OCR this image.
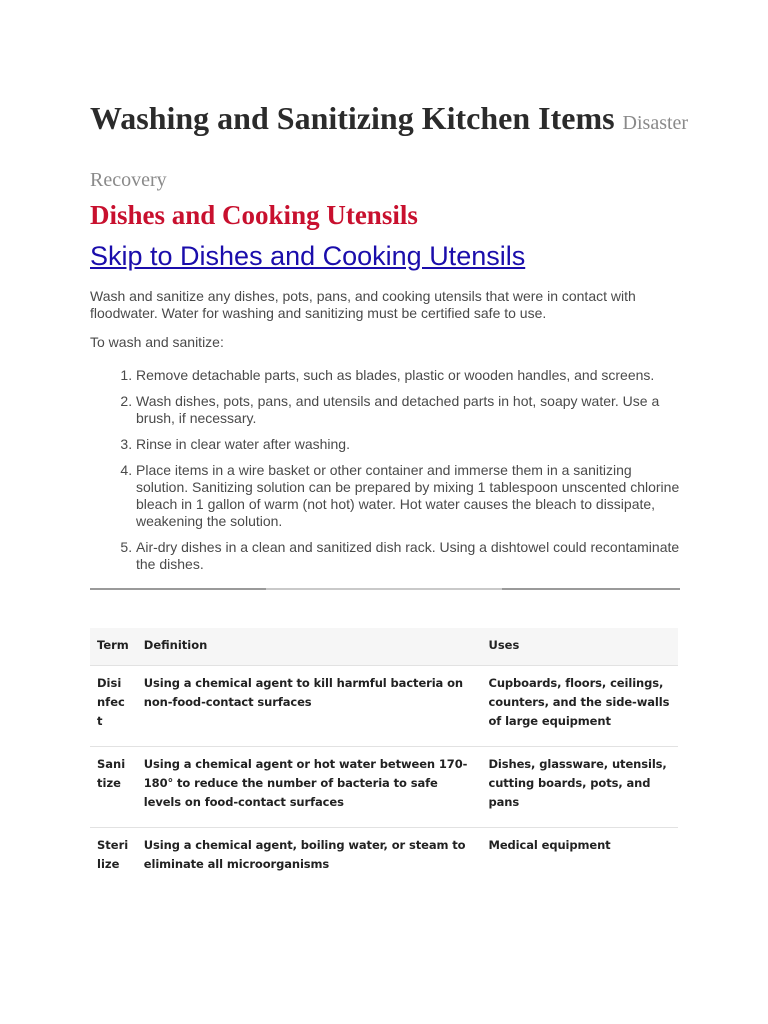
Washing and Sanitizing Kitchen Items Disaster Recovery
Dishes and Cooking Utensils
Skip to Dishes and Cooking Utensils

Wash and sanitize any dishes, pots, pans, and cooking utensils that were in contact with floodwater. Water for washing and sanitizing must be certified safe to use.

To wash and sanitize:

1. Remove detachable parts, such as blades, plastic or wooden handles, and screens.
2. Wash dishes, pots, pans, and utensils and detached parts in hot, soapy water. Use a brush, if necessary.
3. Rinse in clear water after washing.
4. Place items in a wire basket or other container and immerse them in a sanitizing solution. Sanitizing solution can be prepared by mixing 1 tablespoon unscented chlorine bleach in 1 gallon of warm (not hot) water. Hot water causes the bleach to dissipate, weakening the solution.
5. Air-dry dishes in a clean and sanitized dish rack. Using a dishtowel could recontaminate the dishes.
Term	Definition	Uses
Disinfect	Using a chemical agent to kill harmful bacteria on non-food-contact surfaces	Cupboards, floors, ceilings, counters, and the side-walls of large equipment
Sanitize	Using a chemical agent or hot water between 170-180° to reduce the number of bacteria to safe levels on food-contact surfaces	Dishes, glassware, utensils, cutting boards, pots, and pans
Sterilize	Using a chemical agent, boiling water, or steam to eliminate all microorganisms	Medical equipment
